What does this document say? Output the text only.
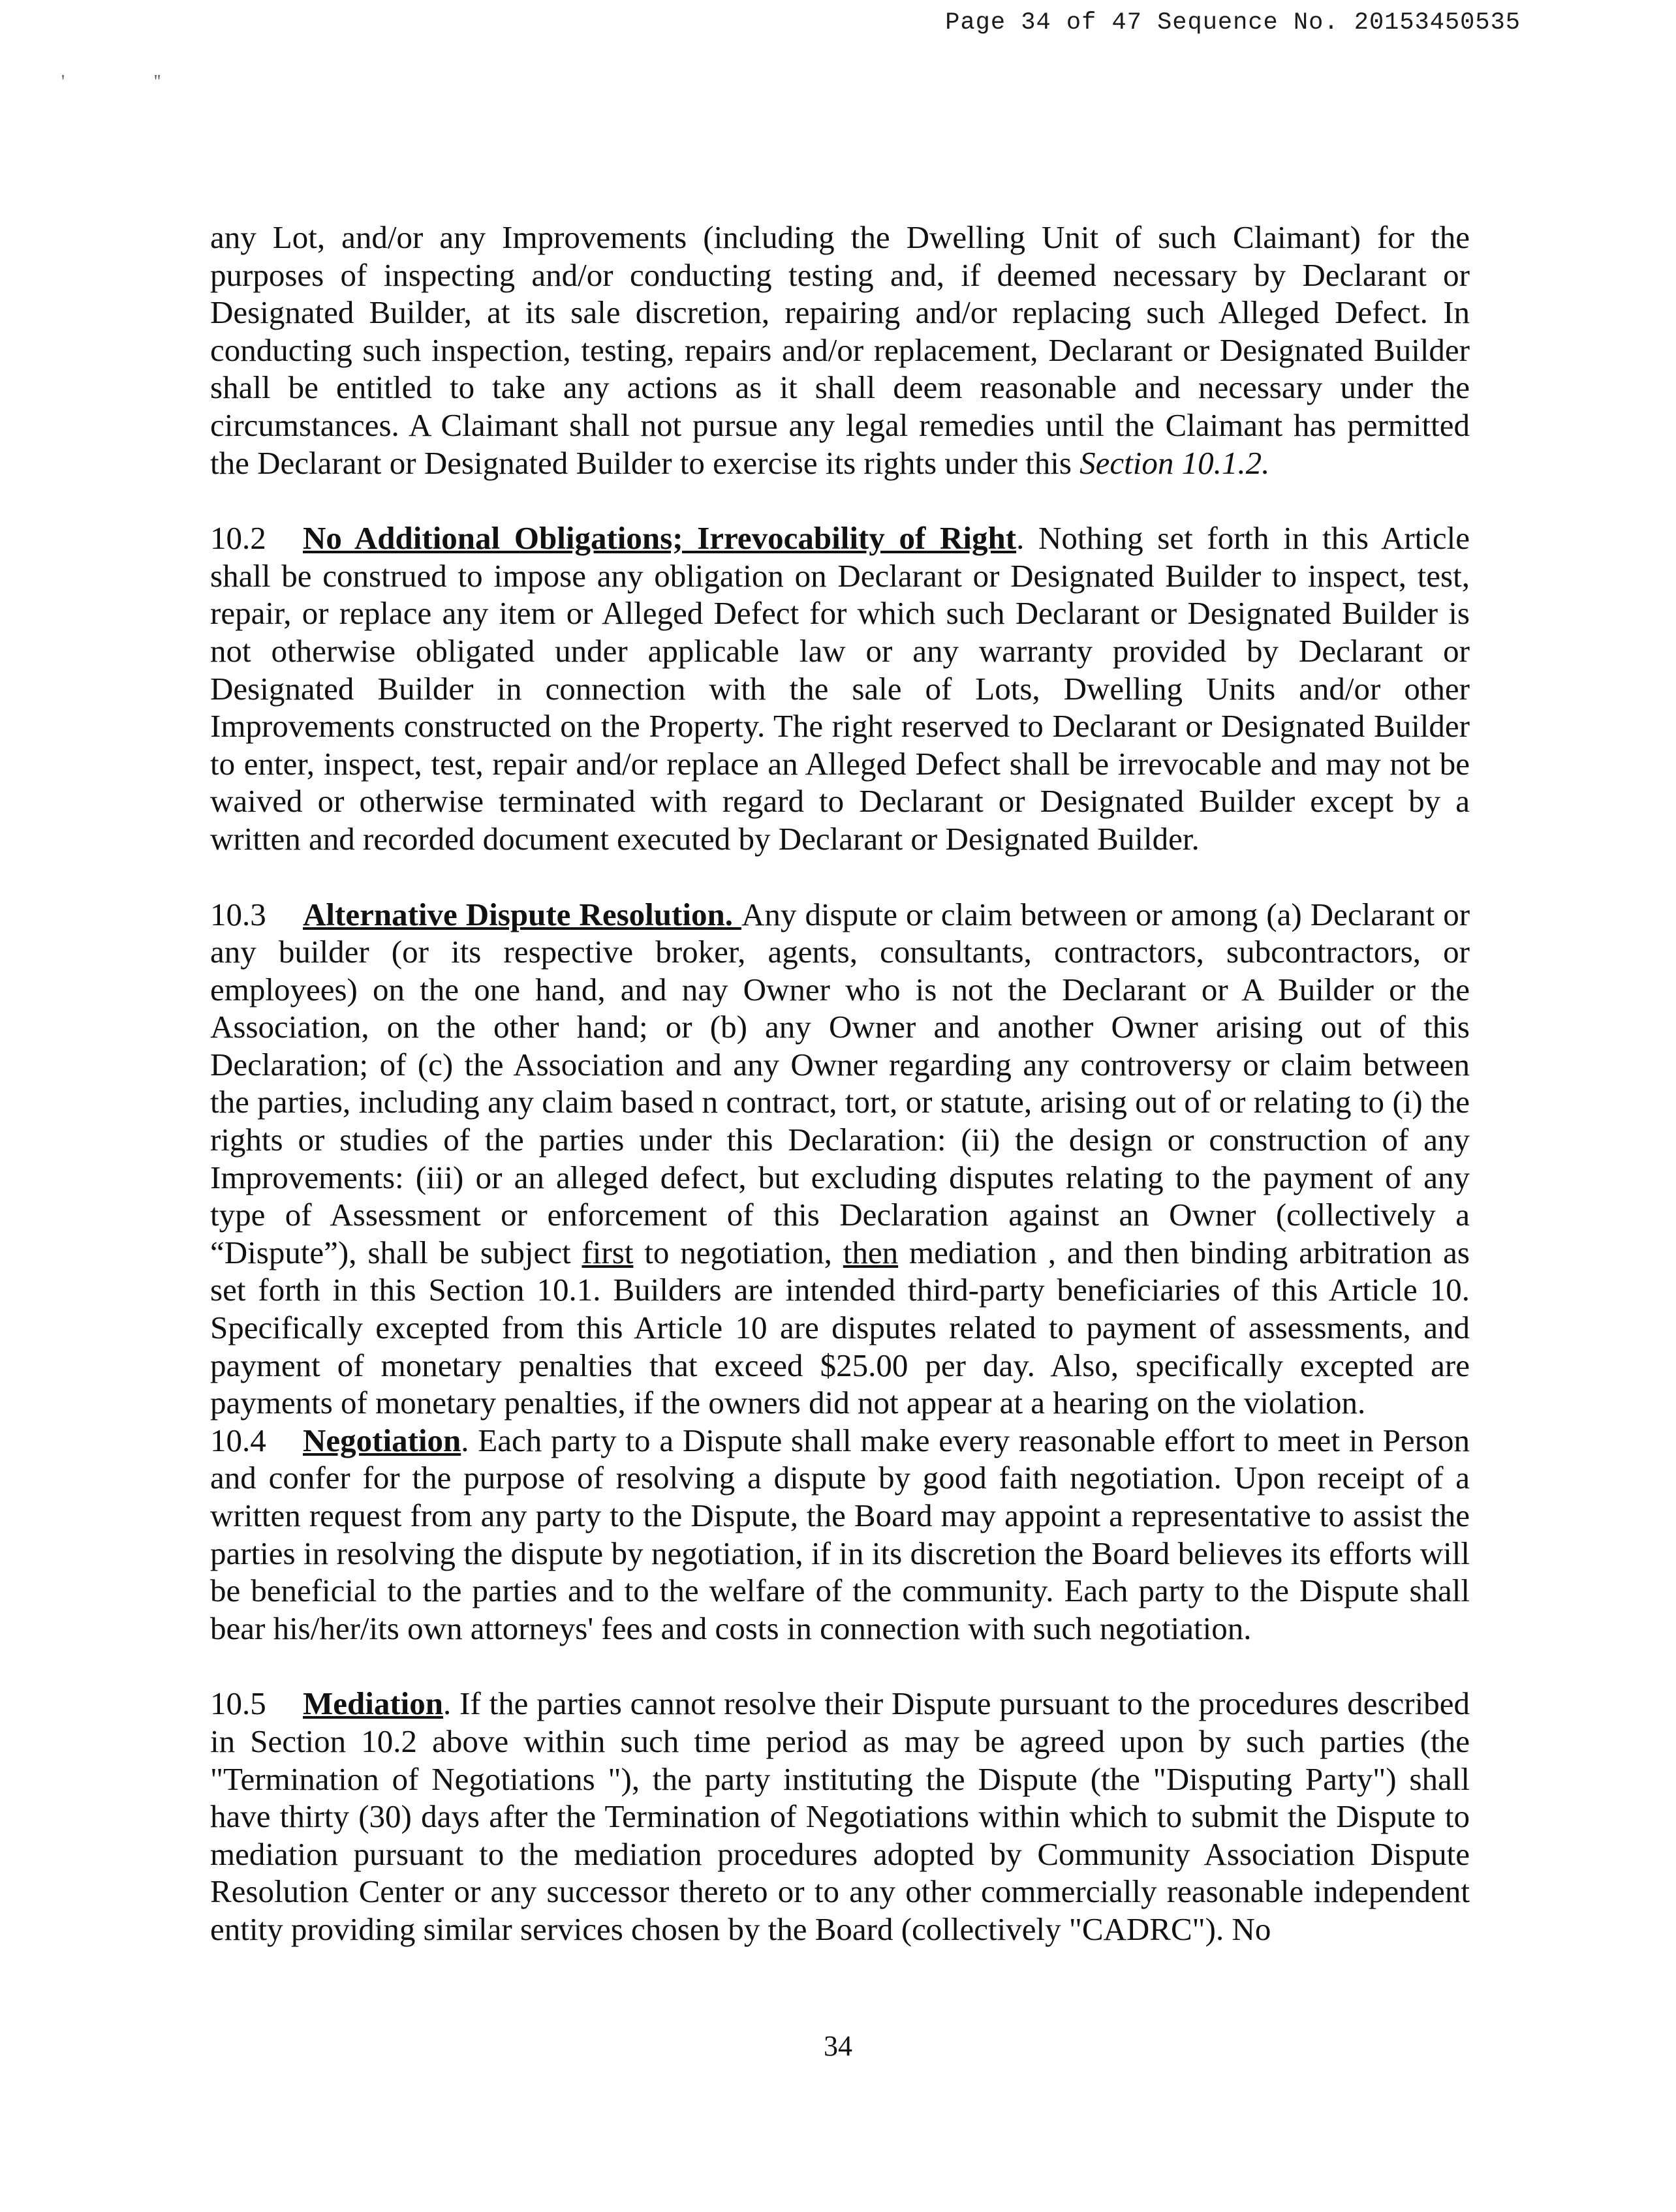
Page 34 of 47 Sequence No. 20153450535
'	''

any Lot, and/or any Improvements (including the Dwelling Unit of such Claimant) for the purposes of inspecting and/or conducting testing and, if deemed necessary by Declarant or Designated Builder, at its sale discretion, repairing and/or replacing such Alleged Defect. In conducting such inspection, testing, repairs and/or replacement, Declarant or Designated Builder shall be entitled to take any actions as it shall deem reasonable and necessary under the circumstances. A Claimant shall not pursue any legal remedies until the Claimant has permitted the Declarant or Designated Builder to exercise its rights under this Section 10.1.2.

10.2 No Additional Obligations; Irrevocability of Right. Nothing set forth in this Article shall be construed to impose any obligation on Declarant or Designated Builder to inspect, test, repair, or replace any item or Alleged Defect for which such Declarant or Designated Builder is not otherwise obligated under applicable law or any warranty provided by Declarant or Designated Builder in connection with the sale of Lots, Dwelling Units and/or other Improvements constructed on the Property. The right reserved to Declarant or Designated Builder to enter, inspect, test, repair and/or replace an Alleged Defect shall be irrevocable and may not be waived or otherwise terminated with regard to Declarant or Designated Builder except by a written and recorded document executed by Declarant or Designated Builder.

10.3 Alternative Dispute Resolution. Any dispute or claim between or among (a) Declarant or any builder (or its respective broker, agents, consultants, contractors, subcontractors, or employees) on the one hand, and nay Owner who is not the Declarant or A Builder or the Association, on the other hand; or (b) any Owner and another Owner arising out of this Declaration; of (c) the Association and any Owner regarding any controversy or claim between the parties, including any claim based n contract, tort, or statute, arising out of or relating to (i) the rights or studies of the parties under this Declaration: (ii) the design or construction of any Improvements: (iii) or an alleged defect, but excluding disputes relating to the payment of any type of Assessment or enforcement of this Declaration against an Owner (collectively a “Dispute”), shall be subject first to negotiation, then mediation , and then binding arbitration as set forth in this Section 10.1. Builders are intended third-party beneficiaries of this Article 10. Specifically excepted from this Article 10 are disputes related to payment of assessments, and payment of monetary penalties that exceed $25.00 per day. Also, specifically excepted are payments of monetary penalties, if the owners did not appear at a hearing on the violation.

10.4 Negotiation. Each party to a Dispute shall make every reasonable effort to meet in Person and confer for the purpose of resolving a dispute by good faith negotiation. Upon receipt of a written request from any party to the Dispute, the Board may appoint a representative to assist the parties in resolving the dispute by negotiation, if in its discretion the Board believes its efforts will be beneficial to the parties and to the welfare of the community. Each party to the Dispute shall bear his/her/its own attorneys' fees and costs in connection with such negotiation.

10.5 Mediation. If the parties cannot resolve their Dispute pursuant to the procedures described in Section 10.2 above within such time period as may be agreed upon by such parties (the "Termination of Negotiations "), the party instituting the Dispute (the "Disputing Party") shall have thirty (30) days after the Termination of Negotiations within which to submit the Dispute to mediation pursuant to the mediation procedures adopted by Community Association Dispute Resolution Center or any successor thereto or to any other commercially reasonable independent entity providing similar services chosen by the Board (collectively "CADRC"). No

34
